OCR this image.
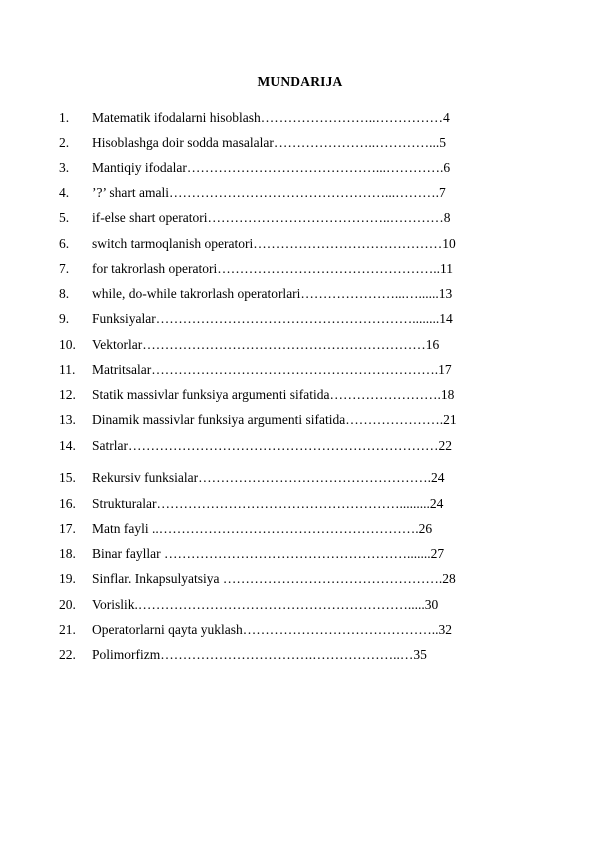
MUNDARIJA
1. Matematik ifodalarni hisoblash……………………..……………4
2. Hisoblashga doir sodda masalalar…………………..…………...5
3. Mantiqiy ifodalar……………………………………...………….6
4. ’?’ shart amali…………………………………………...……….7
5. if-else shart operatori…………………………………..…………8
6. switch tarmoqlanish operatori……………………………………10
7. for takrorlash operatori…………………………………………..11
8. while, do-while takrorlash operatorlari…………………...…......13
9. Funksiyalar…………………………………………………........14
10. Vektorlar………………………………………………………16
11. Matritsalar……………………………………………………….17
12. Statik massivlar funksiya argumenti sifatida…………………….18
13. Dinamik massivlar funksiya argumenti sifatida………………….21
14. Satrlar……………………………………………………………22
15. Rekursiv funksialar…………………………………………….24
16. Strukturalar……………………………………………….........24
17. Matn fayli ..………………………………………………….26
18. Binar fayllar ……………………………………………….......27
19. Sinflar. Inkapsulyatsiya ………………………………………….28
20. Vorislik.…………………………………………………….....30
21. Operatorlarni qayta yuklash……………………………………..32
22. Polimorfizm…………………………….………………..…35
